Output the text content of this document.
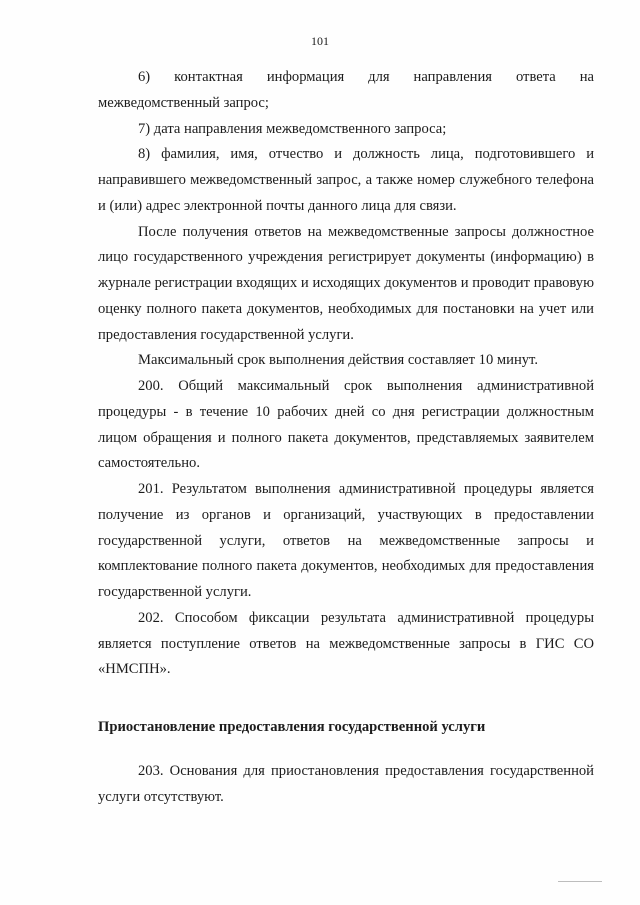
101

6) контактная информация для направления ответа на межведомственный запрос;

7) дата направления межведомственного запроса;

8) фамилия, имя, отчество и должность лица, подготовившего и направившего межведомственный запрос, а также номер служебного телефона и (или) адрес электронной почты данного лица для связи.

После получения ответов на межведомственные запросы должностное лицо государственного учреждения регистрирует документы (информацию) в журнале регистрации входящих и исходящих документов и проводит правовую оценку полного пакета документов, необходимых для постановки на учет или предоставления государственной услуги.

Максимальный срок выполнения действия составляет 10 минут.

200. Общий максимальный срок выполнения административной процедуры - в течение 10 рабочих дней со дня регистрации должностным лицом обращения и полного пакета документов, представляемых заявителем самостоятельно.

201. Результатом выполнения административной процедуры является получение из органов и организаций, участвующих в предоставлении государственной услуги, ответов на межведомственные запросы и комплектование полного пакета документов, необходимых для предоставления государственной услуги.

202. Способом фиксации результата административной процедуры является поступление ответов на межведомственные запросы в ГИС СО «НМСПН».

Приостановление предоставления государственной услуги

203. Основания для приостановления предоставления государственной услуги отсутствуют.
